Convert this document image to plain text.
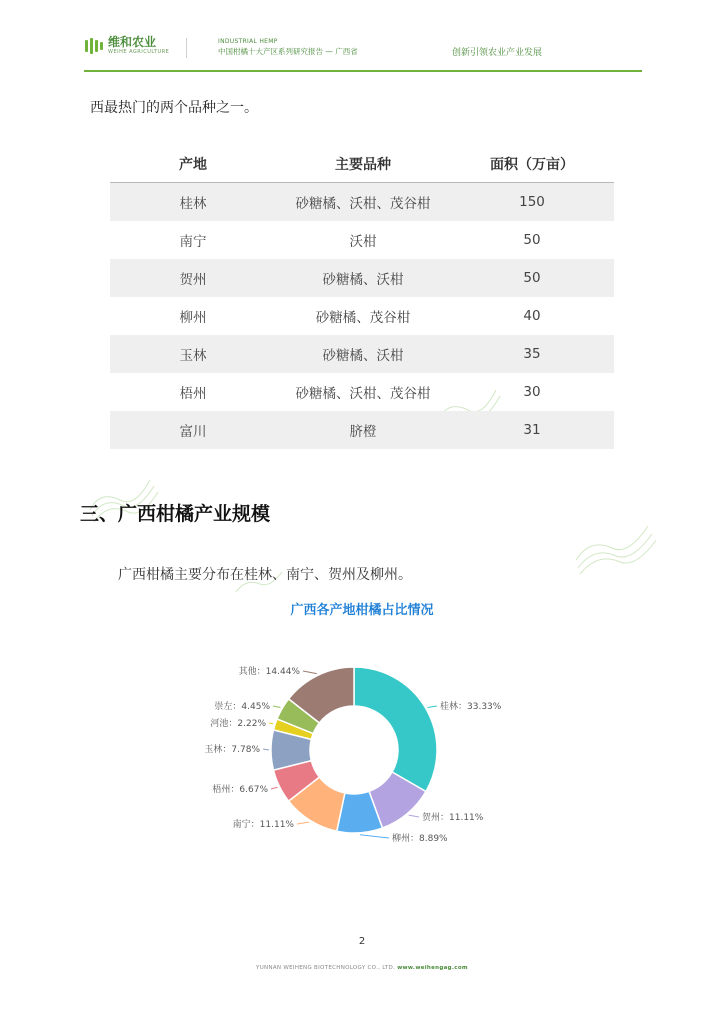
维和农业
WEIHE AGRICULTURE
INDUSTRIAL HEMP
中国柑橘十大产区系列研究报告 — 广西省	创新引领农业产业发展
西最热门的两个品种之一。
产地	主要品种	面积（万亩）
桂林	砂糖橘、沃柑、茂谷柑	150
南宁	沃柑	50
贺州	砂糖橘、沃柑	50
柳州	砂糖橘、茂谷柑	40
玉林	砂糖橘、沃柑	35
梧州	砂糖橘、沃柑、茂谷柑	30
富川	脐橙	31
三、广西柑橘产业规模
广西柑橘主要分布在桂林、南宁、贺州及柳州。
广西各产地柑橘占比情况
桂林：33.33%
贺州：11.11%
柳州：8.89%
南宁：11.11%
梧州：6.67%
玉林：7.78%
河池：2.22%
崇左：4.45%
其他：14.44%
2
YUNNAN WEIHENG BIOTECHNOLOGY CO., LTD. www.weihengag.com
